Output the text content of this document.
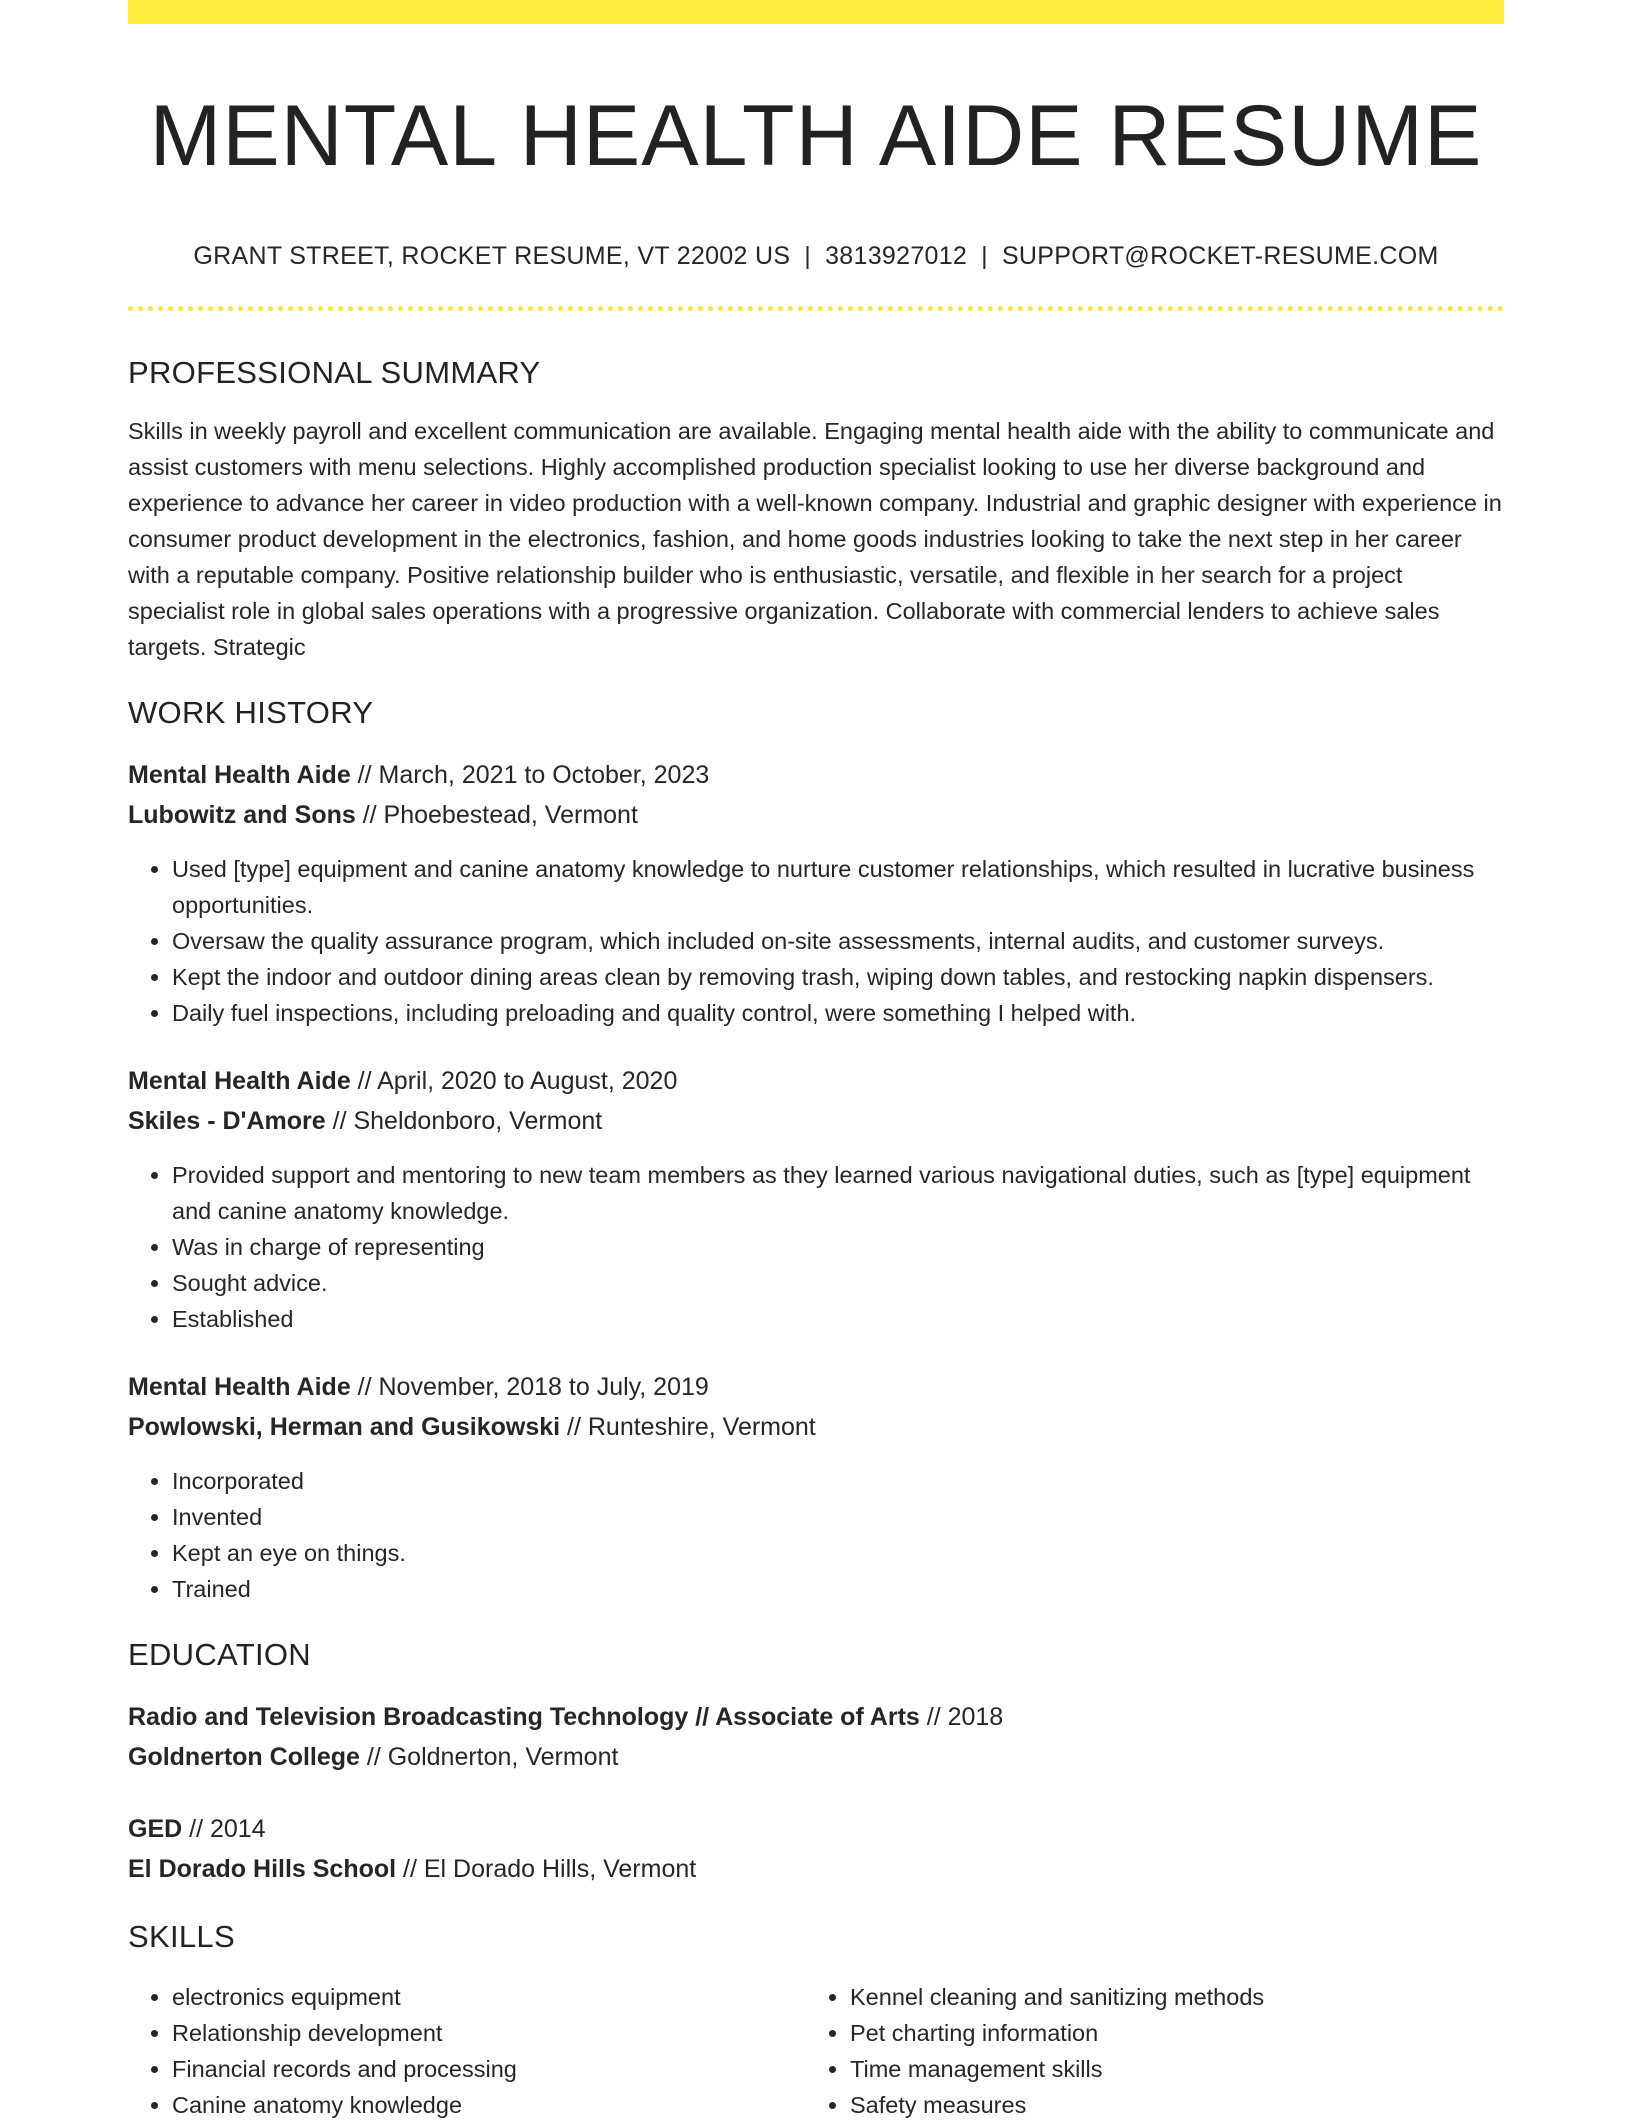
MENTAL HEALTH AIDE RESUME
GRANT STREET, ROCKET RESUME, VT 22002 US | 3813927012 | SUPPORT@ROCKET-RESUME.COM
PROFESSIONAL SUMMARY
Skills in weekly payroll and excellent communication are available. Engaging mental health aide with the ability to communicate and assist customers with menu selections. Highly accomplished production specialist looking to use her diverse background and experience to advance her career in video production with a well-known company. Industrial and graphic designer with experience in consumer product development in the electronics, fashion, and home goods industries looking to take the next step in her career with a reputable company. Positive relationship builder who is enthusiastic, versatile, and flexible in her search for a project specialist role in global sales operations with a progressive organization. Collaborate with commercial lenders to achieve sales targets. Strategic
WORK HISTORY
Mental Health Aide // March, 2021 to October, 2023
Lubowitz and Sons // Phoebestead, Vermont
• Used [type] equipment and canine anatomy knowledge to nurture customer relationships, which resulted in lucrative business opportunities.
• Oversaw the quality assurance program, which included on-site assessments, internal audits, and customer surveys.
• Kept the indoor and outdoor dining areas clean by removing trash, wiping down tables, and restocking napkin dispensers.
• Daily fuel inspections, including preloading and quality control, were something I helped with.
Mental Health Aide // April, 2020 to August, 2020
Skiles - D'Amore // Sheldonboro, Vermont
• Provided support and mentoring to new team members as they learned various navigational duties, such as [type] equipment and canine anatomy knowledge.
• Was in charge of representing
• Sought advice.
• Established
Mental Health Aide // November, 2018 to July, 2019
Powlowski, Herman and Gusikowski // Runteshire, Vermont
• Incorporated
• Invented
• Kept an eye on things.
• Trained
EDUCATION
Radio and Television Broadcasting Technology // Associate of Arts // 2018
Goldnerton College // Goldnerton, Vermont
GED // 2014
El Dorado Hills School // El Dorado Hills, Vermont
SKILLS
• electronics equipment
• Relationship development
• Financial records and processing
• Canine anatomy knowledge
• Kennel cleaning and sanitizing methods
• Pet charting information
• Time management skills
• Safety measures
